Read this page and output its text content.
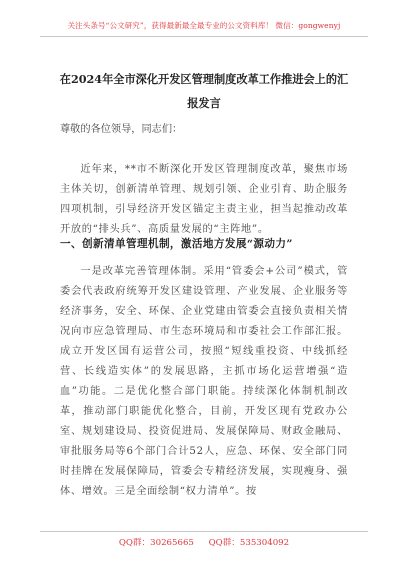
关注头条号“公文研究”，获得最新最全最专业的公文资料库！ 微信：gongwenyj
在2024年全市深化开发区管理制度改革工作推进会上的汇报发言
尊敬的各位领导，同志们：
近年来，**市不断深化开发区管理制度改革，聚焦市场主体关切，创新清单管理、规划引领、企业引育、助企服务四项机制，引导经济开发区锚定主责主业，担当起推动改革开放的“排头兵”、高质量发展的“主阵地”。
一、创新清单管理机制，激活地方发展“源动力”
一是改革完善管理体制。采用“管委会+公司”模式，管委会代表政府统筹开发区建设管理、产业发展、企业服务等经济事务，安全、环保、企业党建由管委会直接负责相关情况向市应急管理局、市生态环境局和市委社会工作部汇报。成立开发区国有运营公司，按照“短线重投资、中线抓经营、长线造实体”的发展思路，主抓市场化运营增强“造血”功能。二是优化整合部门职能。持续深化体制机制改革，推动部门职能优化整合，目前，开发区现有党政办公室、规划建设局、投资促进局、发展保障局、财政金融局、审批服务局等6个部门合计52人，应急、环保、安全部门同时挂牌在发展保障局，管委会专精经济发展，实现瘦身、强体、增效。三是全面绘制“权力清单”。按
QQ群：30265665 QQ群：535304092
